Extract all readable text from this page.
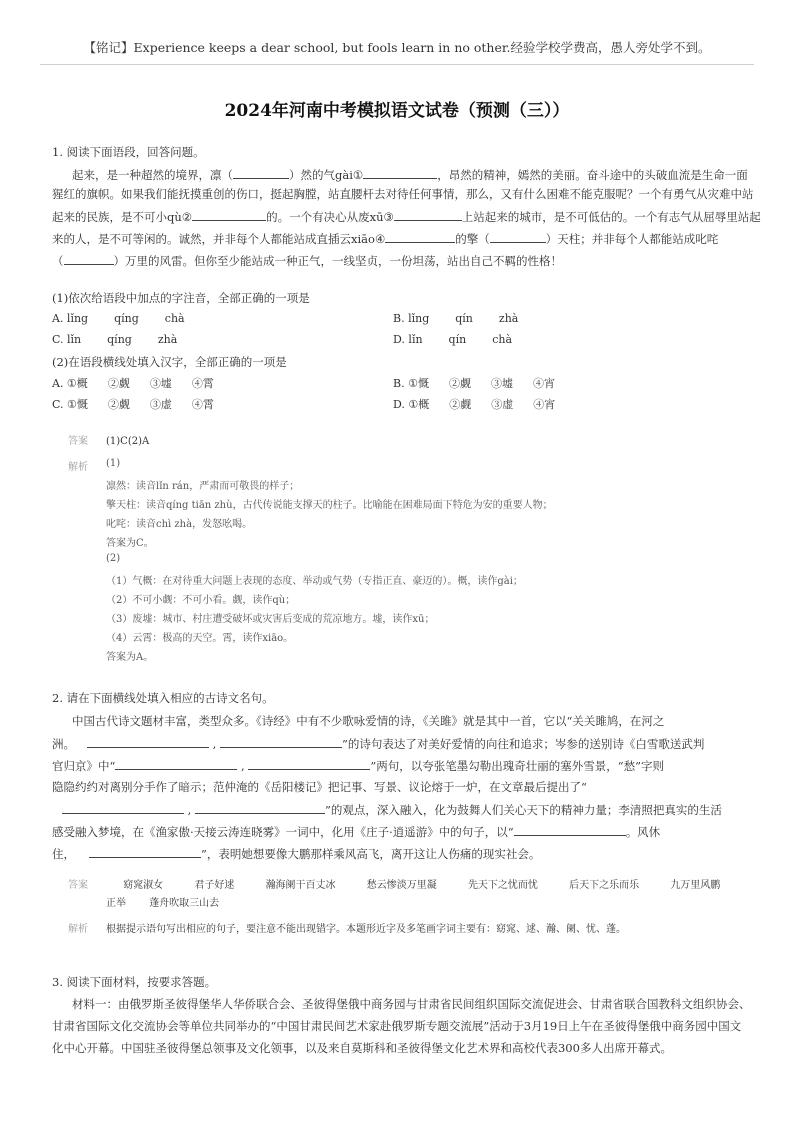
【铭记】Experience keeps a dear school, but fools learn in no other.经验学校学费高，愚人旁处学不到。
2024年河南中考模拟语文试卷（预测（三））
1. 阅读下面语段，回答问题。
起来，是一种超然的境界，凛（	）然的气gài①	，昂然的精神，嫣然的美丽。奋斗途中的头破血流是生命一面
猩红的旗帜。如果我们能抚摸重创的伤口，挺起胸膛，站直腰杆去对待任何事情，那么，又有什么困难不能克服呢？一个有勇气从灾难中站
起来的民族，是不可小qù②	的。一个有决心从废xū③	上站起来的城市，是不可低估的。一个有志气从屈辱里站起
来的人，是不可等闲的。诚然，并非每个人都能站成直插云xiāo④	的擎（	）天柱；并非每个人都能站成叱咤
（	）万里的风雷。但你至少能站成一种正气，一线坚贞，一份坦荡，站出自己不羁的性格！
(1)依次给语段中加点的字注音，全部正确的一项是
A. lǐng qíng chà	B. lǐng qín zhà
C. lǐn qíng zhà	D. lǐn qín chà
(2)在语段横线处填入汉字，全部正确的一项是
A. ①概 ②觑 ③墟 ④霄	B. ①慨 ②觑 ③墟 ④宵
C. ①慨 ②觑 ③虚 ④霄	D. ①概 ②觑 ③虚 ④宵
答案 (1)C(2)A
解析 (1)
凛然：读音lǐn rán，严肃而可敬畏的样子；
擎天柱：读音qíng tiān zhù，古代传说能支撑天的柱子。比喻能在困难局面下特危为安的重要人物；
叱咤：读音chì zhà，发怒吆喝。
答案为C。
(2)
（1）气概：在对待重大问题上表现的态度、举动或气势（专指正直、豪迈的）。概，读作gài；
（2）不可小觑：不可小看。觑，读作qù；
（3）废墟：城市、村庄遭受破坏或灾害后变成的荒凉地方。墟，读作xū；
（4）云霄：极高的天空。霄，读作xiāo。
答案为A。
2. 请在下面横线处填入相应的古诗文名句。
中国古代诗文题材丰富，类型众多。《诗经》中有不少歌咏爱情的诗，《关雎》就是其中一首，它以“关关雎鸠，在河之
洲。	,	”的诗句表达了对美好爱情的向往和追求；岑参的送别诗《白雪歌送武判
官归京》中“	,	”两句，以夸张笔墨勾勒出瑰奇壮丽的塞外雪景，“愁”字则
隐隐约约对离别分手作了暗示；范仲淹的《岳阳楼记》把记事、写景、议论熔于一炉，在文章最后提出了“
,	”的观点，深入融入，化为鼓舞人们关心天下的精神力量；李清照把真实的生活
感受融入梦境，在《渔家傲·天接云涛连晓雾》一词中，化用《庄子·逍遥游》中的句子，以“	。风休
住，	”，表明她想要像大鹏那样乘风高飞，离开这让人伤痛的现实社会。
答案	窈窕淑女	君子好逑	瀚海阑干百丈冰	愁云惨淡万里凝	先天下之忧而忧	后天下之乐而乐	九万里风鹏
正举 蓬舟吹取三山去
解析 根据提示语句写出相应的句子，要注意不能出现错字。本题形近字及多笔画字词主要有：窈窕、逑、瀚、阑、忧、蓬。
3. 阅读下面材料，按要求答题。
材料一：由俄罗斯圣彼得堡华人华侨联合会、圣彼得堡俄中商务园与甘肃省民间组织国际交流促进会、甘肃省联合国教科文组织协会、
甘肃省国际文化交流协会等单位共同举办的“中国甘肃民间艺术家赴俄罗斯专题交流展”活动于3月19日上午在圣彼得堡俄中商务园中国文
化中心开幕。中国驻圣彼得堡总领事及文化领事，以及来自莫斯科和圣彼得堡文化艺术界和高校代表300多人出席开幕式。
